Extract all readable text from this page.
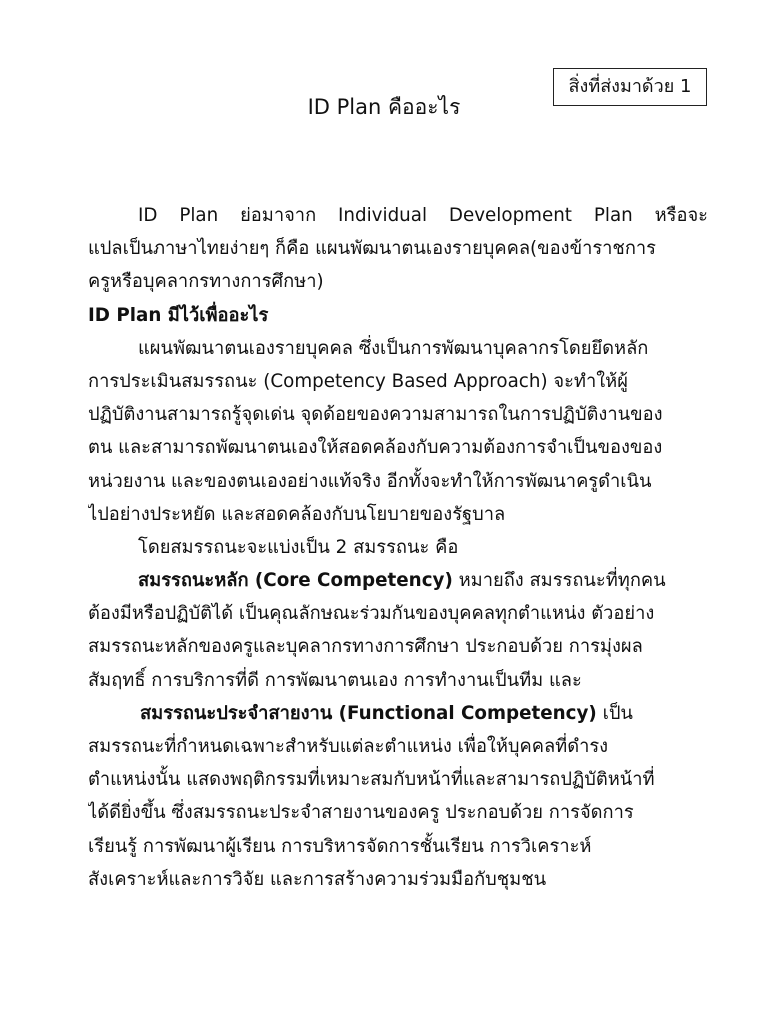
สิ่งที่ส่งมาด้วย 1
ID Plan คืออะไร
ID Plan ย่อมาจาก Individual Development Plan หรือจะ
แปลเป็นภาษาไทยง่ายๆ ก็คือ แผนพัฒนาตนเองรายบุคคล(ของข้าราชการ
ครูหรือบุคลากรทางการศึกษา)
ID Plan มีไว้เพื่ออะไร
แผนพัฒนาตนเองรายบุคคล ซึ่งเป็นการพัฒนาบุคลากรโดยยึดหลัก
การประเมินสมรรถนะ (Competency Based Approach) จะทำให้ผู้
ปฏิบัติงานสามารถรู้จุดเด่น จุดด้อยของความสามารถในการปฏิบัติงานของ
ตน และสามารถพัฒนาตนเองให้สอดคล้องกับความต้องการจำเป็นของของ
หน่วยงาน และของตนเองอย่างแท้จริง อีกทั้งจะทำให้การพัฒนาครูดำเนิน
ไปอย่างประหยัด และสอดคล้องกับนโยบายของรัฐบาล
โดยสมรรถนะจะแบ่งเป็น 2 สมรรถนะ คือ
สมรรถนะหลัก (Core Competency) หมายถึง สมรรถนะที่ทุกคน
ต้องมีหรือปฏิบัติได้ เป็นคุณลักษณะร่วมกันของบุคคลทุกตำแหน่ง ตัวอย่าง
สมรรถนะหลักของครูและบุคลากรทางการศึกษา ประกอบด้วย การมุ่งผล
สัมฤทธิ์ การบริการที่ดี การพัฒนาตนเอง การทำงานเป็นทีม และ
สมรรถนะประจำสายงาน (Functional Competency) เป็น
สมรรถนะที่กำหนดเฉพาะสำหรับแต่ละตำแหน่ง เพื่อให้บุคคลที่ดำรง
ตำแหน่งนั้น แสดงพฤติกรรมที่เหมาะสมกับหน้าที่และสามารถปฏิบัติหน้าที่
ได้ดียิ่งขึ้น ซึ่งสมรรถนะประจำสายงานของครู ประกอบด้วย การจัดการ
เรียนรู้ การพัฒนาผู้เรียน การบริหารจัดการชั้นเรียน การวิเคราะห์
สังเคราะห์และการวิจัย และการสร้างความร่วมมือกับชุมชน
